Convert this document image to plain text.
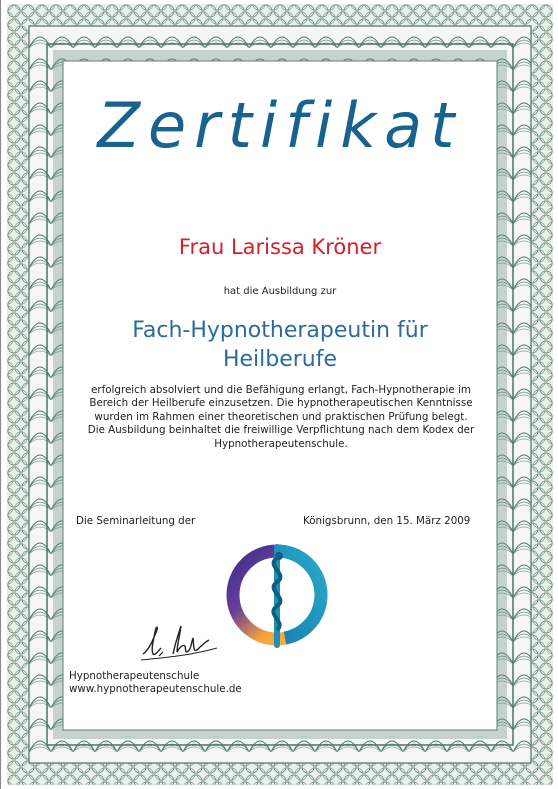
Zertifikat
Frau Larissa Kröner
hat die Ausbildung zur
Fach-Hypnotherapeutin für
Heilberufe
erfolgreich absolviert und die Befähigung erlangt, Fach-Hypnotherapie im
Bereich der Heilberufe einzusetzen. Die hypnotherapeutischen Kenntnisse
wurden im Rahmen einer theoretischen und praktischen Prüfung belegt.
Die Ausbildung beinhaltet die freiwillige Verpflichtung nach dem Kodex der
Hypnotherapeutenschule.
Die Seminarleitung der	Königsbrunn, den 15. März 2009
Hypnotherapeutenschule
www.hypnotherapeutenschule.de
